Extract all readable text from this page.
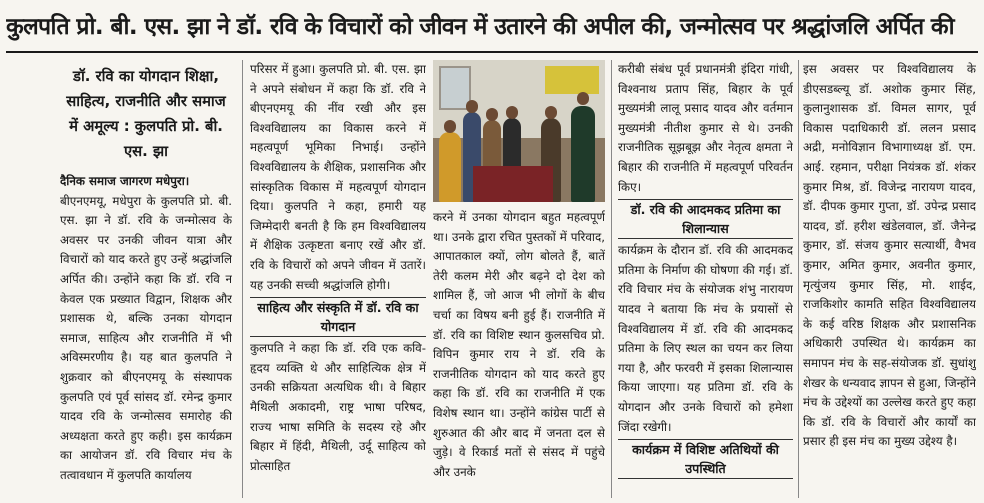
कुलपति प्रो. बी. एस. झा ने डॉ. रवि के विचारों को जीवन में उतारने की अपील की, जन्मोत्सव पर श्रद्धांजलि अर्पित की
डॉ. रवि का योगदान शिक्षा, साहित्य, राजनीति और समाज में अमूल्य : कुलपति प्रो. बी. एस. झा

दैनिक समाज जागरण मधेपुरा।
बीएनएमयू, मधेपुरा के कुलपति प्रो. बी. एस. झा ने डॉ. रवि के जन्मोत्सव के अवसर पर उनकी जीवन यात्रा और विचारों को याद करते हुए उन्हें श्रद्धांजलि अर्पित की। उन्होंने कहा कि डॉ. रवि न केवल एक प्रख्यात विद्वान, शिक्षक और प्रशासक थे, बल्कि उनका योगदान समाज, साहित्य और राजनीति में भी अविस्मरणीय है। यह बात कुलपति ने शुक्रवार को बीएनएमयू के संस्थापक कुलपति एवं पूर्व सांसद डॉ. रमेन्द्र कुमार यादव रवि के जन्मोत्सव समारोह की अध्यक्षता करते हुए कही। इस कार्यक्रम का आयोजन डॉ. रवि विचार मंच के तत्वावधान में कुलपति कार्यालय

परिसर में हुआ। कुलपति प्रो. बी. एस. झा ने अपने संबोधन में कहा कि डॉ. रवि ने बीएनएमयू की नींव रखी और इस विश्वविद्यालय का विकास करने में महत्वपूर्ण भूमिका निभाई। उन्होंने विश्वविद्यालय के शैक्षिक, प्रशासनिक और सांस्कृतिक विकास में महत्वपूर्ण योगदान दिया। कुलपति ने कहा, हमारी यह जिम्मेदारी बनती है कि हम विश्वविद्यालय में शैक्षिक उत्कृष्टता बनाए रखें और डॉ. रवि के विचारों को अपने जीवन में उतारें। यह उनकी सच्ची श्रद्धांजलि होगी।

साहित्य और संस्कृति में डॉ. रवि का योगदान

कुलपति ने कहा कि डॉ. रवि एक कवि-हृदय व्यक्ति थे और साहित्यिक क्षेत्र में उनकी सक्रियता अत्यधिक थी। वे बिहार मैथिली अकादमी, राष्ट्र भाषा परिषद, राज्य भाषा समिति के सदस्य रहे और बिहार में हिंदी, मैथिली, उर्दू साहित्य को प्रोत्साहित

करने में उनका योगदान बहुत महत्वपूर्ण था। उनके द्वारा रचित पुस्तकों में परिवाद, आपातकाल क्यों, लोग बोलते हैं, बातें तेरी कलम मेरी और बढ़ने दो देश को शामिल हैं, जो आज भी लोगों के बीच चर्चा का विषय बनी हुई हैं। राजनीति में डॉ. रवि का विशिष्ट स्थान कुलसचिव प्रो. विपिन कुमार राय ने डॉ. रवि के राजनीतिक योगदान को याद करते हुए कहा कि डॉ. रवि का राजनीति में एक विशेष स्थान था। उन्होंने कांग्रेस पार्टी से शुरुआत की और बाद में जनता दल से जुड़े। वे रिकार्ड मतों से संसद में पहुंचे और उनके

करीबी संबंध पूर्व प्रधानमंत्री इंदिरा गांधी, विश्वनाथ प्रताप सिंह, बिहार के पूर्व मुख्यमंत्री लालू प्रसाद यादव और वर्तमान मुख्यमंत्री नीतीश कुमार से थे। उनकी राजनीतिक सूझबूझ और नेतृत्व क्षमता ने बिहार की राजनीति में महत्वपूर्ण परिवर्तन किए।

डॉ. रवि की आदमकद प्रतिमा का शिलान्यास

कार्यक्रम के दौरान डॉ. रवि की आदमकद प्रतिमा के निर्माण की घोषणा की गई। डॉ. रवि विचार मंच के संयोजक शंभु नारायण यादव ने बताया कि मंच के प्रयासों से विश्वविद्यालय में डॉ. रवि की आदमकद प्रतिमा के लिए स्थल का चयन कर लिया गया है, और फरवरी में इसका शिलान्यास किया जाएगा। यह प्रतिमा डॉ. रवि के योगदान और उनके विचारों को हमेशा जिंदा रखेगी।

कार्यक्रम में विशिष्ट अतिथियों की उपस्थिति

इस अवसर पर विश्वविद्यालय के डीएसडब्ल्यू डॉ. अशोक कुमार सिंह, कुलानुशासक डॉ. विमल सागर, पूर्व विकास पदाधिकारी डॉ. ललन प्रसाद अद्री, मनोविज्ञान विभागाध्यक्ष डॉ. एम. आई. रहमान, परीक्षा नियंत्रक डॉ. शंकर कुमार मिश्र, डॉ. विजेन्द्र नारायण यादव, डॉ. दीपक कुमार गुप्ता, डॉ. उपेन्द्र प्रसाद यादव, डॉ. हरीश खंडेलवाल, डॉ. जैनेन्द्र कुमार, डॉ. संजय कुमार सत्यार्थी, वैभव कुमार, अमित कुमार, अवनीत कुमार, मृत्युंजय कुमार सिंह, मो. शाईद, राजकिशोर कामति सहित विश्वविद्यालय के कई वरिष्ठ शिक्षक और प्रशासनिक अधिकारी उपस्थित थे। कार्यक्रम का समापन मंच के सह-संयोजक डॉ. सुधांशु शेखर के धन्यवाद ज्ञापन से हुआ, जिन्होंने मंच के उद्देश्यों का उल्लेख करते हुए कहा कि डॉ. रवि के विचारों और कार्यों का प्रसार ही इस मंच का मुख्य उद्देश्य है।
